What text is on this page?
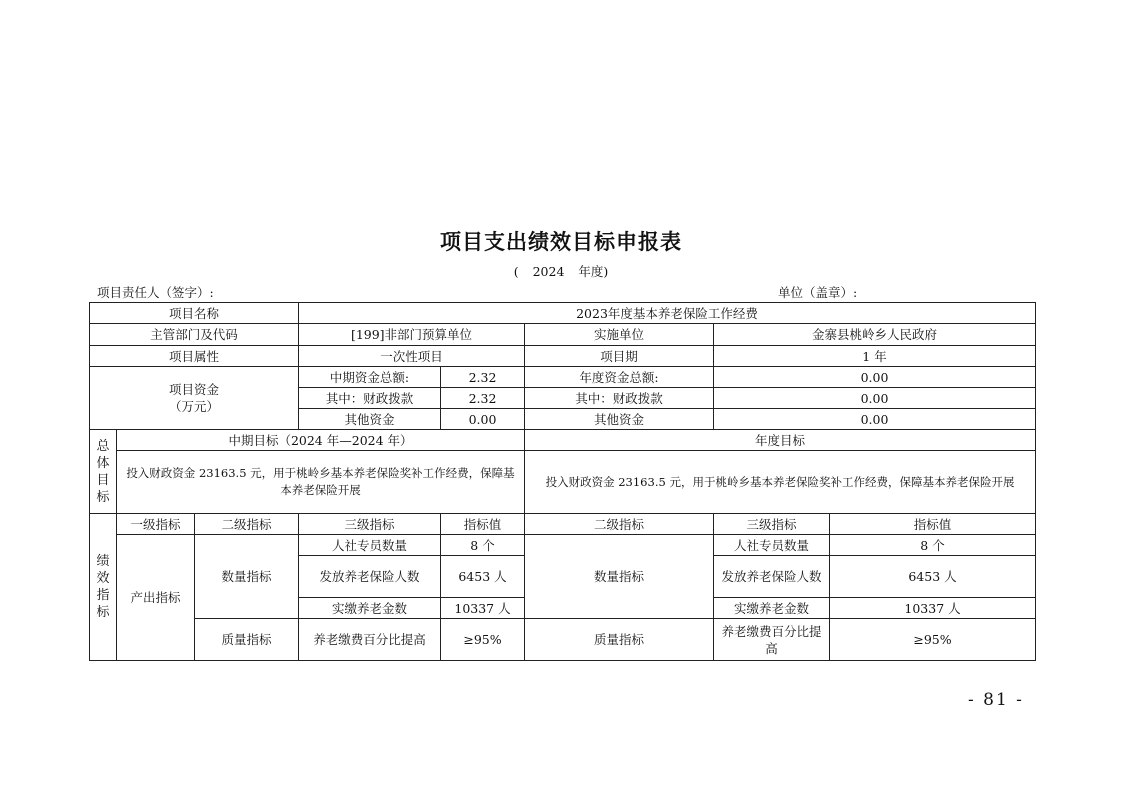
项目支出绩效目标申报表
( 2024 年度)
项目责任人（签字）:	单位（盖章）:
项目名称			2023年度基本养老保险工作经费				
主管部门及代码			[199]非部门预算单位		实施单位	金寨县桃岭乡人民政府	
项目属性			一次性项目		项目期	1 年	

项目资金
（万元）			中期资金总额:	2.32	年度资金总额:	0.00	
			其中：财政拨款	2.32	其中：财政拨款	0.00	
			其他资金	0.00	其他资金	0.00	

总
体
目
标	中期目标（2024 年—2024 年）				年度目标		
	投入财政资金 23163.5 元，用于桃岭乡基本养老保险奖补工作经费，保障基本养老保险开展				投入财政资金 23163.5 元，用于桃岭乡基本养老保险奖补工作经费，保障基本养老保险开展		

绩
效
指
标	一级指标	二级指标	三级指标	指标值	二级指标	三级指标	指标值
	产出指标	数量指标	人社专员数量	8 个	数量指标	人社专员数量	8 个
			发放养老保险人数	6453 人		发放养老保险人数	6453 人
			实缴养老金数	10337 人		实缴养老金数	10337 人
		质量指标	养老缴费百分比提高	≥95%	质量指标	养老缴费百分比提高	≥95%
- 81 -
